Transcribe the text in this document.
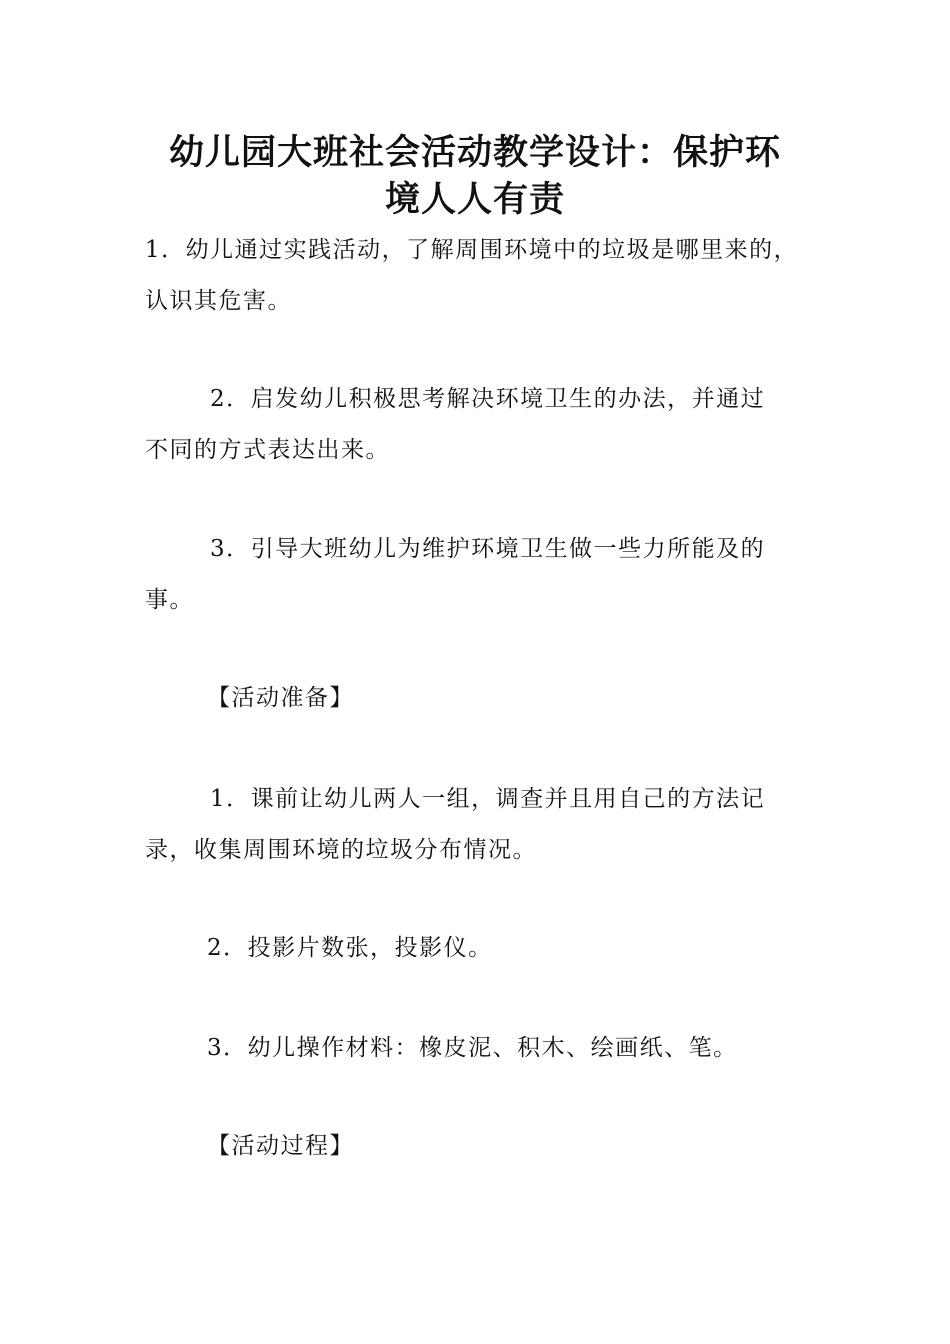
幼儿园大班社会活动教学设计：保护环
境人人有责
1．幼儿通过实践活动，了解周围环境中的垃圾是哪里来的，
认识其危害。
2．启发幼儿积极思考解决环境卫生的办法，并通过
不同的方式表达出来。
3．引导大班幼儿为维护环境卫生做一些力所能及的
事。
【活动准备】
1．课前让幼儿两人一组，调查并且用自己的方法记
录，收集周围环境的垃圾分布情况。
2．投影片数张，投影仪。
3．幼儿操作材料：橡皮泥、积木、绘画纸、笔。
【活动过程】
